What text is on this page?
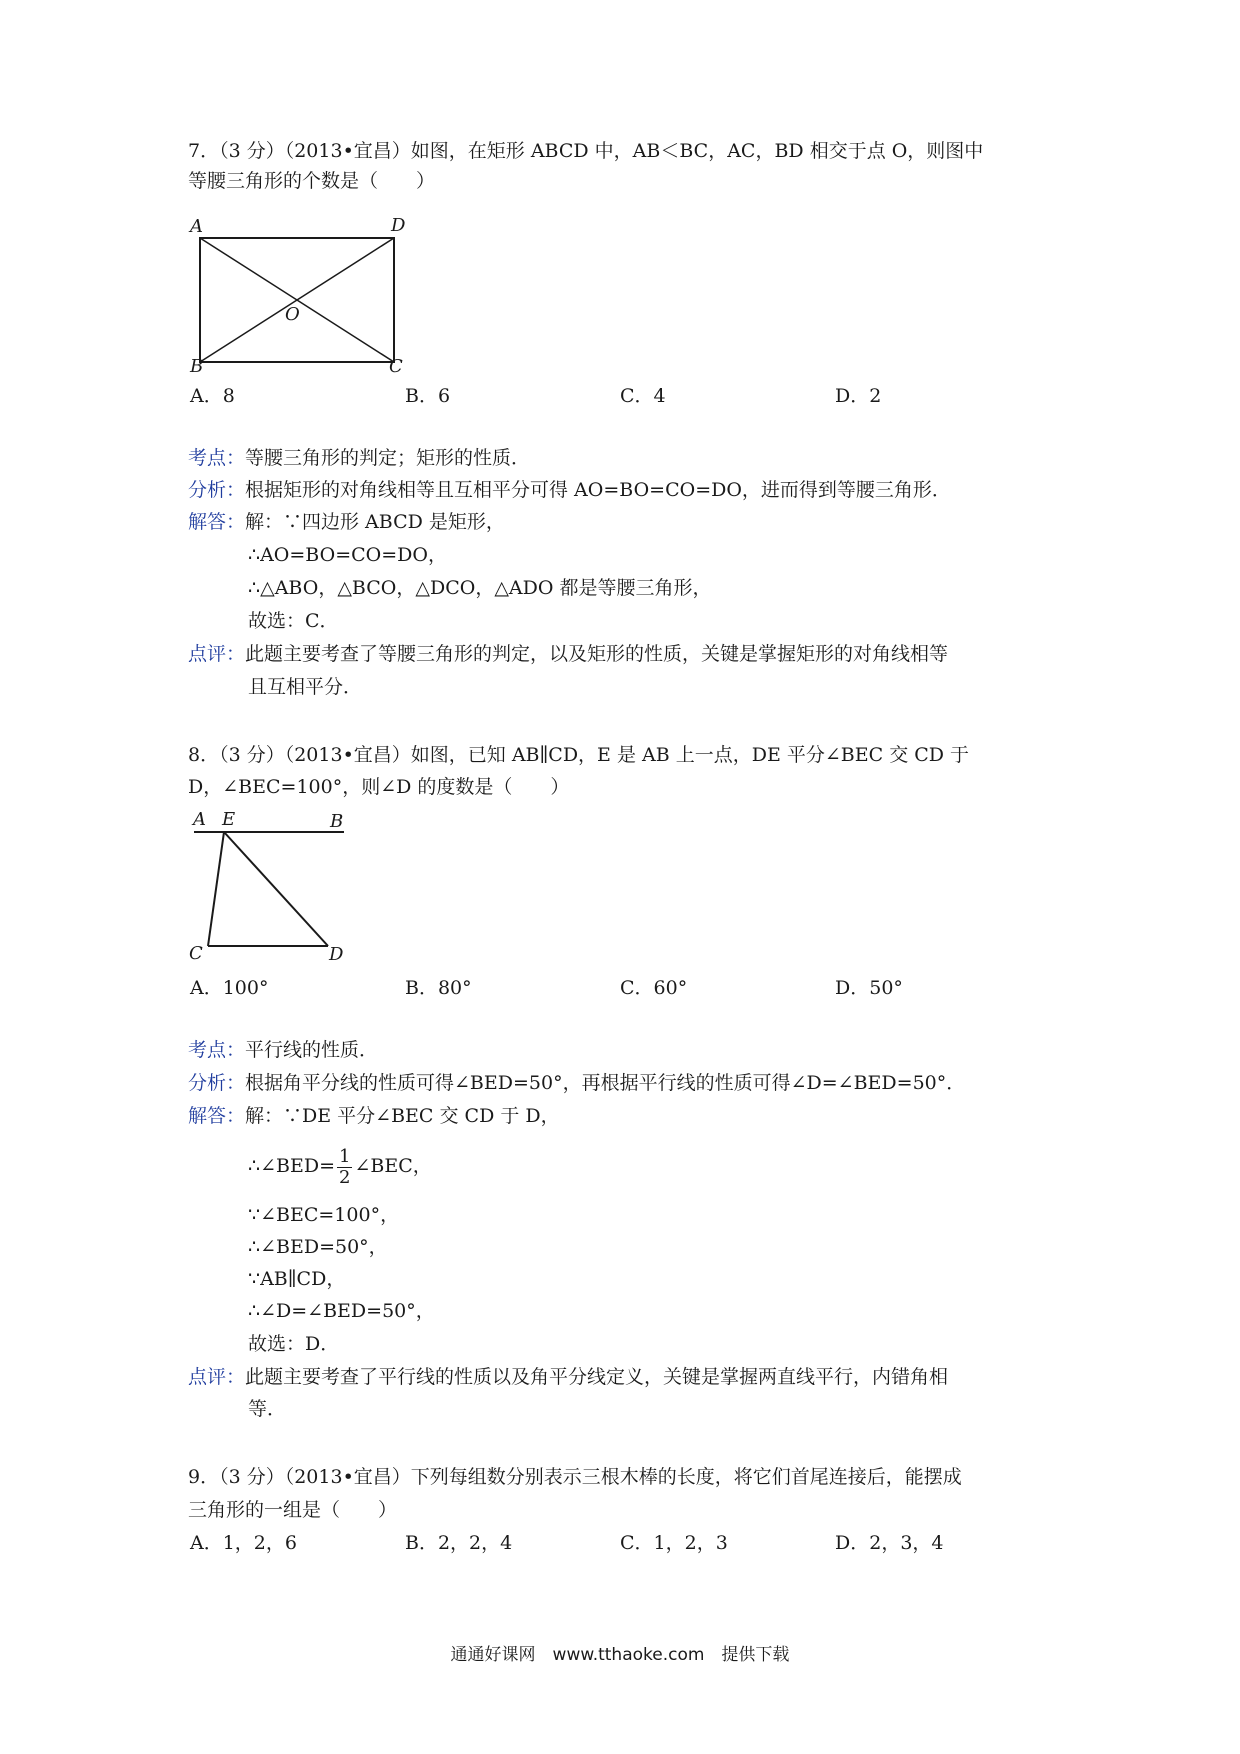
7．（3 分）（2013•宜昌）如图，在矩形 ABCD 中，AB＜BC，AC，BD 相交于点 O，则图中
等腰三角形的个数是（　　）
A	D
O
B	C
A．8	B．6	C．4	D．2
考点：等腰三角形的判定；矩形的性质．
分析：根据矩形的对角线相等且互相平分可得 AO=BO=CO=DO，进而得到等腰三角形．
解答：解：∵四边形 ABCD 是矩形，
∴AO=BO=CO=DO，
∴△ABO，△BCO，△DCO，△ADO 都是等腰三角形，
故选：C．
点评：此题主要考查了等腰三角形的判定，以及矩形的性质，关键是掌握矩形的对角线相等
且互相平分．
8．（3 分）（2013•宜昌）如图，已知 AB∥CD，E 是 AB 上一点，DE 平分∠BEC 交 CD 于
D，∠BEC=100°，则∠D 的度数是（　　）
A E	B
C	D
A．100°	B．80°	C．60°	D．50°
考点：平行线的性质．
分析：根据角平分线的性质可得∠BED=50°，再根据平行线的性质可得∠D=∠BED=50°．
解答：解：∵DE 平分∠BEC 交 CD 于 D，
∴∠BED= $\frac{1}{2}$ ∠BEC，
∵∠BEC=100°，
∴∠BED=50°，
∵AB∥CD，
∴∠D=∠BED=50°，
故选：D．
点评：此题主要考查了平行线的性质以及角平分线定义，关键是掌握两直线平行，内错角相
等．
9．（3 分）（2013•宜昌）下列每组数分别表示三根木棒的长度，将它们首尾连接后，能摆成
三角形的一组是（　　）
A．1，2，6	B．2，2，4	C．1，2，3	D．2，3，4
通通好课网　www.tthaoke.com　提供下载
